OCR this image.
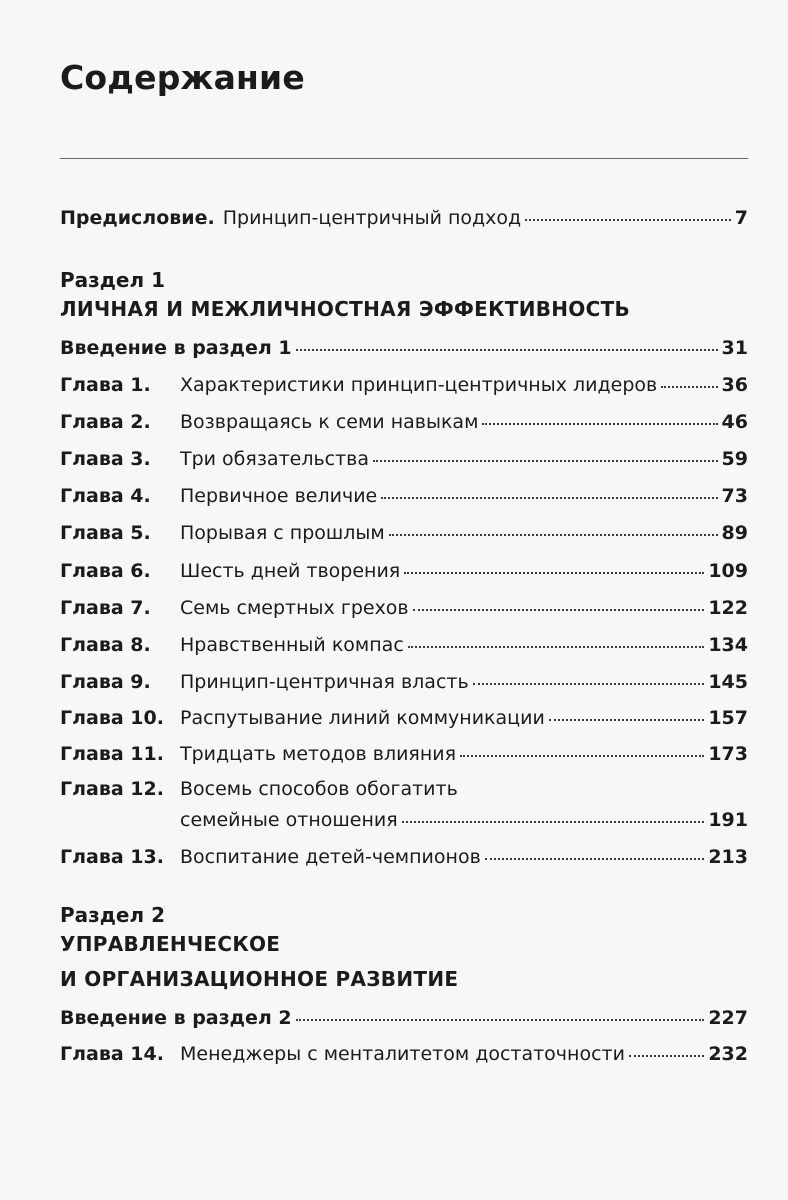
Содержание
Предисловие. Принцип-центричный подход	7
Раздел 1
ЛИЧНАЯ И МЕЖЛИЧНОСТНАЯ ЭФФЕКТИВНОСТЬ
Введение в раздел 1	31
Глава 1.	Характеристики принцип-центричных лидеров	36
Глава 2.	Возвращаясь к семи навыкам	46
Глава 3.	Три обязательства	59
Глава 4.	Первичное величие	73
Глава 5.	Порывая с прошлым	89
Глава 6.	Шесть дней творения	109
Глава 7.	Семь смертных грехов	122
Глава 8.	Нравственный компас	134
Глава 9.	Принцип-центричная власть	145
Глава 10. Распутывание линий коммуникации	157
Глава 11. Тридцать методов влияния	173
Глава 12. Восемь способов обогатить
семейные отношения	191
Глава 13. Воспитание детей-чемпионов	213
Раздел 2
УПРАВЛЕНЧЕСКОЕ
И ОРГАНИЗАЦИОННОЕ РАЗВИТИЕ
Введение в раздел 2	227
Глава 14. Менеджеры с менталитетом достаточности	232
